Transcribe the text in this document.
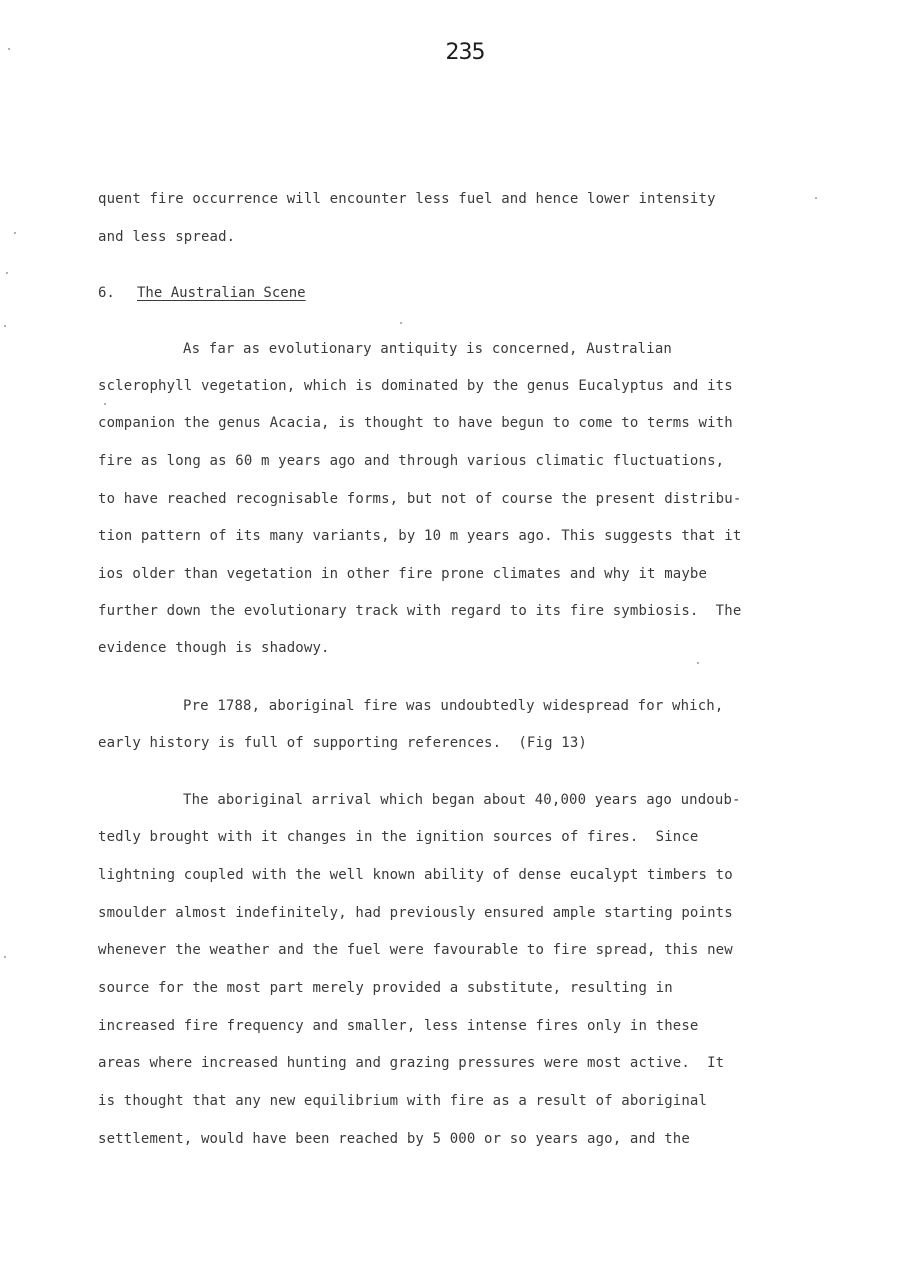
235
quent fire occurrence will encounter less fuel and hence lower intensity
and less spread.
6. The Australian Scene
As far as evolutionary antiquity is concerned, Australian
sclerophyll vegetation, which is dominated by the genus Eucalyptus and its
companion the genus Acacia, is thought to have begun to come to terms with
fire as long as 60 m years ago and through various climatic fluctuations,
to have reached recognisable forms, but not of course the present distribu-
tion pattern of its many variants, by 10 m years ago. This suggests that it
ios older than vegetation in other fire prone climates and why it maybe
further down the evolutionary track with regard to its fire symbiosis.  The
evidence though is shadowy.
Pre 1788, aboriginal fire was undoubtedly widespread for which,
early history is full of supporting references.  (Fig 13)
The aboriginal arrival which began about 40,000 years ago undoub-
tedly brought with it changes in the ignition sources of fires.  Since
lightning coupled with the well known ability of dense eucalypt timbers to
smoulder almost indefinitely, had previously ensured ample starting points
whenever the weather and the fuel were favourable to fire spread, this new
source for the most part merely provided a substitute, resulting in
increased fire frequency and smaller, less intense fires only in these
areas where increased hunting and grazing pressures were most active.  It
is thought that any new equilibrium with fire as a result of aboriginal
settlement, would have been reached by 5 000 or so years ago, and the
